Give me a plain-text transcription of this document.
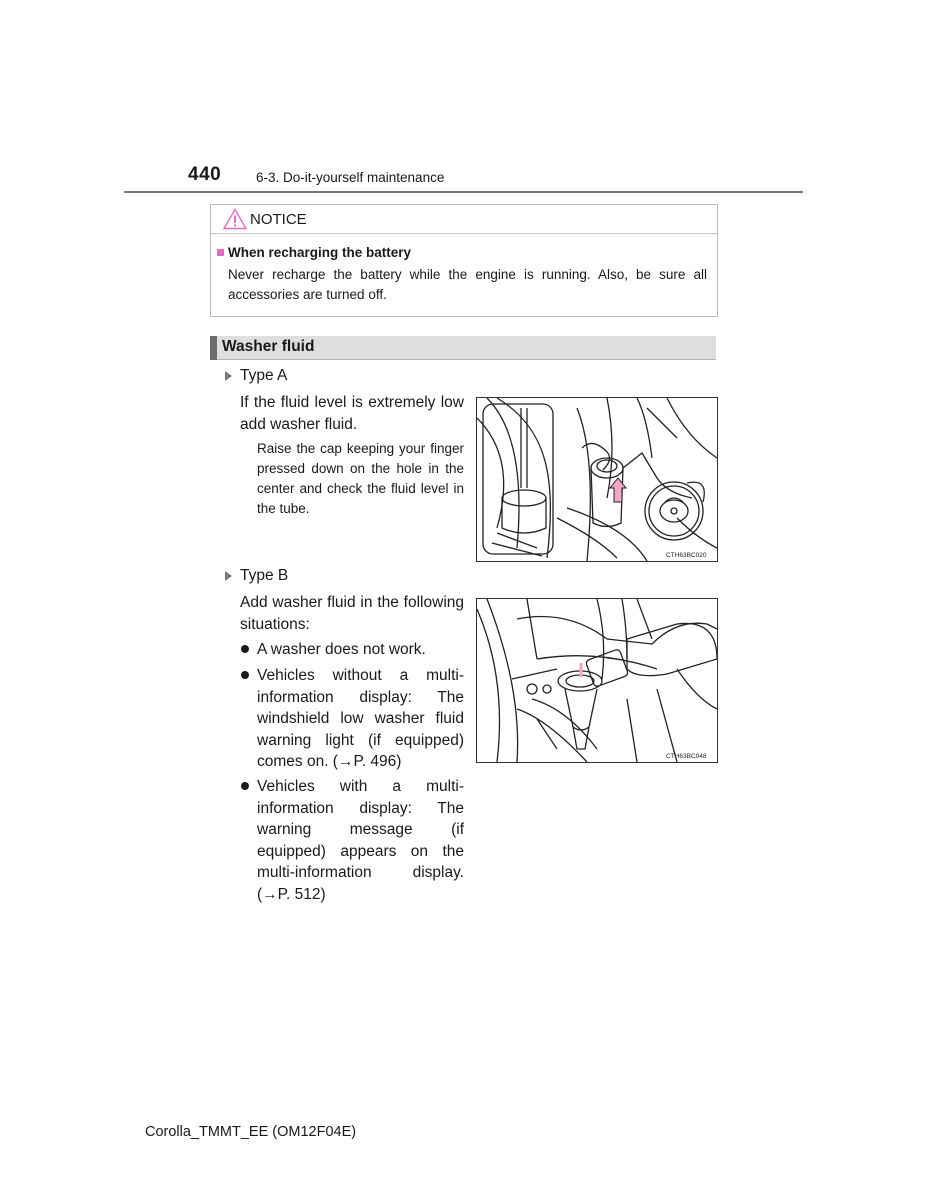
440	6-3. Do-it-yourself maintenance
NOTICE
When recharging the battery
Never recharge the battery while the engine is running. Also, be sure all accessories are turned off.
Washer fluid
Type A
If the fluid level is extremely low add washer fluid.
Raise the cap keeping your finger pressed down on the hole in the center and check the fluid level in the tube.
CTH63BC020
Type B
Add washer fluid in the following situations:
A washer does not work.
Vehicles without a multi-information display: The windshield low washer fluid warning light (if equipped) comes on. (→P. 496)
Vehicles with a multi-information display: The warning message (if equipped) appears on the multi-information display. (→P. 512)
CTH63BC048
Corolla_TMMT_EE (OM12F04E)
